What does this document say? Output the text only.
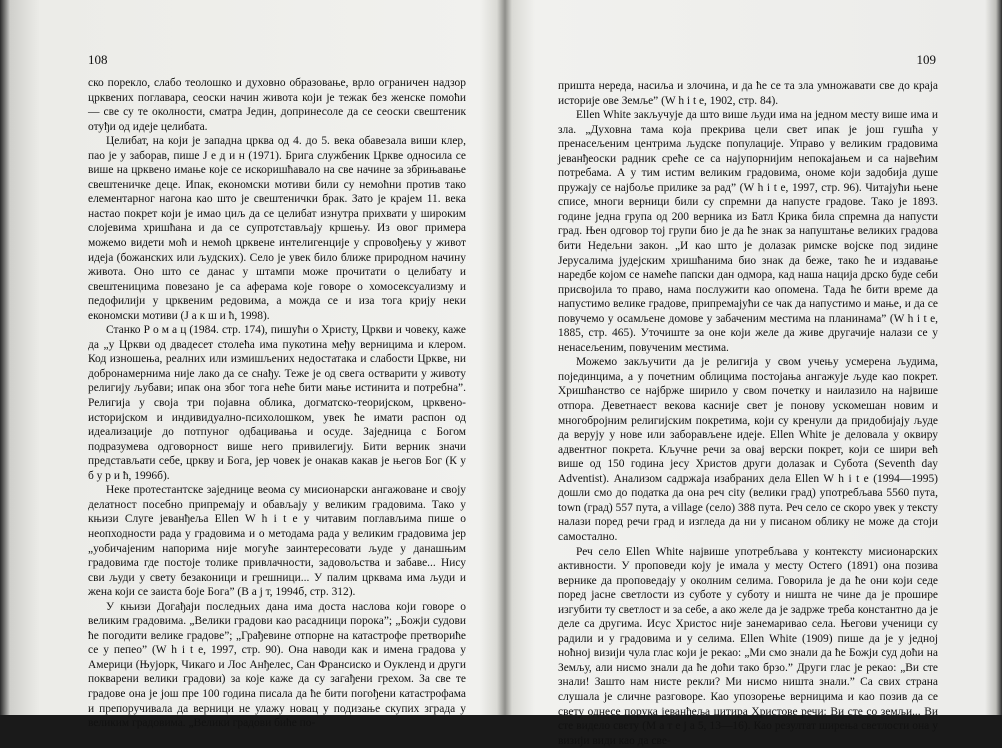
108

ско порекло, слабо теолошко и духовно образовање, врло ограничен надзор црквених поглавара, сеоски начин живота који је тежак без женске помоћи — све су те околности, сматра Једин, допринесоле да се сеоски свештеник отуђи од идеје целибата.

Целибат, на који је западна црква од 4. до 5. века обавезала виши клер, пао је у заборав, пише Ј е д и н (1971). Брига службеник Цркве односила се више на црквено имање које се искоришћавало на све начине за збрињавање свештеничке деце. Ипак, економски мотиви били су немоћни против тако елементарног нагона као што је свештенички брак. Зато је крајем 11. века настао покрет који је имао циљ да се целибат изнутра прихвати у широким слојевима хришћана и да се супротстављају кршењу. Из овог примера можемо видети моћ и немоћ црквене интелигенције у спровођењу у живот идеја (божанских или људских). Село је увек било ближе природном начину живота. Оно што се данас у штампи може прочитати о целибату и свештеницима повезано је са аферама које говоре о хомосексуализму и педофилији у црквеним редовима, а можда се и иза тога крију неки економски мотиви (Ј а к ш и ћ, 1998).

Станко Р о м а ц (1984. стр. 174), пишући о Христу, Цркви и човеку, каже да „у Цркви од двадесет столећа има пукотина међу верницима и клером. Код изношења, реалних или измишљених недостатака и слабости Цркве, ни добронамернима није лако да се снађу. Теже је од свега остварити у животу религију љубави; ипак она због тога неће бити мање истинита и потребна”. Религија у своја три појавна облика, догматско-теоријском, црквено-историјском и индивидуално-психолошком, увек ће имати распон од идеализације до потпуног одбацивања и осуде. Заједница с Богом подразумева одговорност више него привилегију. Бити верник значи представљати себе, цркву и Бога, јер човек је онакав какав је његов Бог (К у б у р и ћ, 1996б).

Неке протестантске заједнице веома су мисионарски ангажоване и своју делатност посебно припремају и обављају у великим градовима. Тако у књизи Слуге јеванђеља Ellen W h i t e у читавим поглављима пише о неопходности рада у градовима и о методама рада у великим градовима јер „уобичајеним напорима није могуће заинтересовати људе у данашњим градовима где постоје толике привлачности, задовољства и забаве... Нису сви људи у свету безаконици и грешници... У палим црквама има људи и жена који се заиста боје Бога” (В а ј т, 1994б, стр. 312).

У књизи Догађаји последњих дана има доста наслова који говоре о великим градовима. „Велики градови као расадници порока”; „Божји судови ће погодити велике градове”; „Грађевине отпорне на катастрофе претвориће се у пепео” (W h i t e, 1997, стр. 90). Она наводи как и имена градова у Америци (Њујорк, Чикаго и Лос Анђелес, Сан Франсиско и Оукленд и други покварени велики градови) за које каже да су загађени грехом. За све те градове она је још пре 100 година писала да ће бити погођени катастрофама и препоручивала да верници не улажу новац у подизање скупих зграда у великим градовима. „Велики градови биће по-

109

пришта нереда, насиља и злочина, и да ће се та зла умножавати све до краја историје ове Земље” (W h i t e, 1902, стр. 84).

Ellen White закључује да што више људи има на једном месту више има и зла. „Духовна тама која прекрива цели свет ипак је још гушћа у пренасељеним центрима људске популације. Управо у великим градовима јеванђеоски радник среће се са најупорнијим непокајањем и са највећим потребама. А у тим истим великим градовима, ономе који задобија душе пружају се најбоље прилике за рад” (W h i t e, 1997, стр. 96). Читајући њене списе, многи верници били су спремни да напусте градове. Тако је 1893. године једна група од 200 верника из Батл Крика била спремна да напусти град. Њен одговор тој групи био је да ће знак за напуштање великих градова бити Недељни закон. „И као што је долазак римске војске под зидине Јерусалима јудејским хришћанима био знак да беже, тако ће и издавање наредбе којом се намеће папски дан одмора, кад наша нација дрско буде себи присвојила то право, нама послужити као опомена. Тада ће бити време да напустимо велике градове, припремајући се чак да напустимо и мање, и да се повучемо у осамљене домове у забаченим местима на планинама” (W h i t e, 1885, стр. 465). Уточиште за оне који желе да живе другачије налази се у ненасељеним, повученим местима.

Можемо закључити да је религија у свом учењу усмерена људима, појединцима, а у почетним облицима постојања ангажује људе као покрет. Хришћанство се најбрже ширило у свом почетку и наилазило на највише отпора. Деветнаест векова касније свет је понову ускомешан новим и многобројним религијским покретима, који су кренули да придобијају људе да верују у нове или заборављене идеје. Ellen White је деловала у оквиру адвентног покрета. Кључне речи за овај верски покрет, који се шири већ више од 150 година јесу Христов други долазак и Субота (Seventh day Adventist). Анализом садржаја изабраних дела Ellen W h i t e (1994—1995) дошли смо до податка да она реч city (велики град) употребљава 5560 пута, town (град) 557 пута, а village (село) 388 пута. Реч село се скоро увек у тексту налази поред речи град и изгледа да ни у писаном облику не може да стоји самостално.

Реч село Ellen White највише употребљава у контексту мисионарских активности. У проповеди коју је имала у месту Остего (1891) она позива вернике да проповедају у околним селима. Говорила је да ће они који седе поред јасне светлости из суботе у суботу и ништа не чине да је прошире изгубити ту светлост и за себе, а ако желе да је задрже треба константно да је деле са другима. Исус Христос није занемаривао села. Његови ученици су радили и у градовима и у селима. Ellen White (1909) пише да је у једној ноћној визији чула глас који је рекао: „Ми смо знали да ће Божји суд доћи на Земљу, али нисмо знали да ће доћи тако брзо.” Други глас је рекао: „Ви сте знали! Зашто нам нисте рекли? Ми нисмо ништа знали.” Са свих страна слушала је сличне разговоре. Као упозорење верницима и као позив да се свету однесе порука јеванђеља цитира Христове речи: Ви сте со земљи... Ви сте видело свету (М а т е ј а 5, 13—16). Као резултат ширења светлости она у визији види као да све-
